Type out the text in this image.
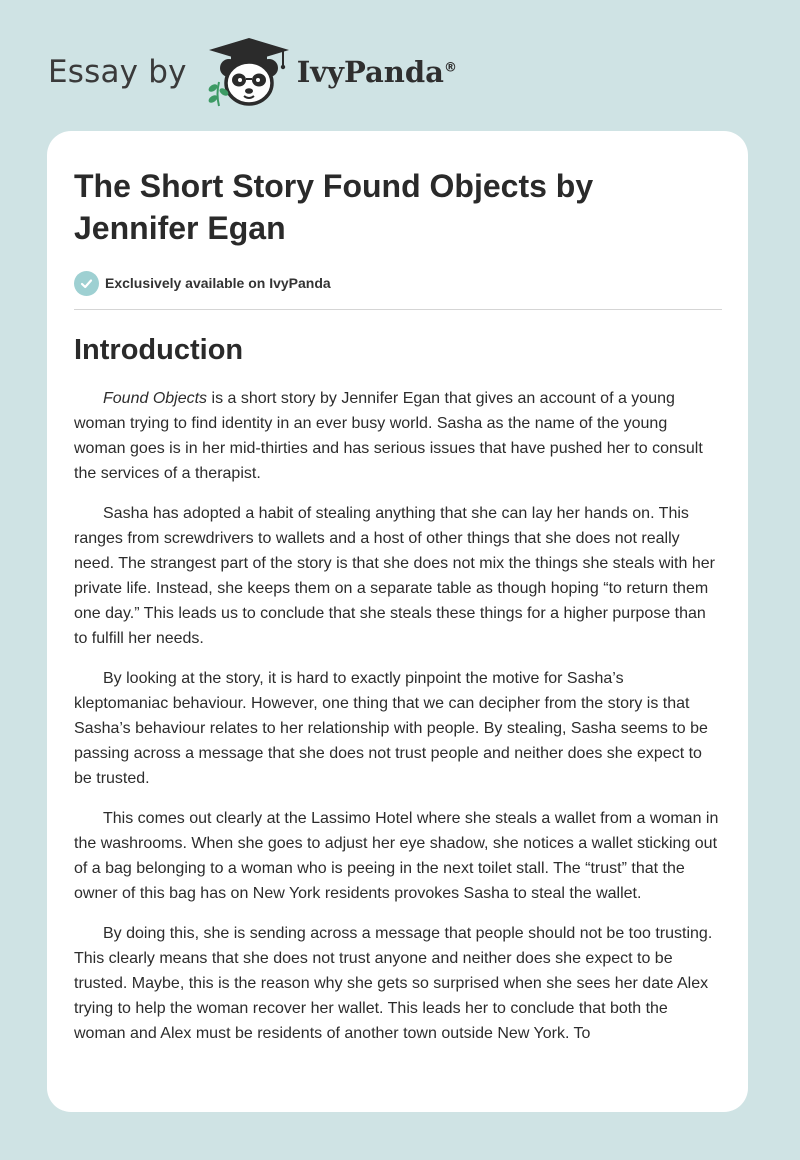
Essay by	IvyPanda®
The Short Story Found Objects by Jennifer Egan
Exclusively available on IvyPanda
Introduction

Found Objects is a short story by Jennifer Egan that gives an account of a young woman trying to find identity in an ever busy world. Sasha as the name of the young woman goes is in her mid-thirties and has serious issues that have pushed her to consult the services of a therapist.

Sasha has adopted a habit of stealing anything that she can lay her hands on. This ranges from screwdrivers to wallets and a host of other things that she does not really need. The strangest part of the story is that she does not mix the things she steals with her private life. Instead, she keeps them on a separate table as though hoping “to return them one day.” This leads us to conclude that she steals these things for a higher purpose than to fulfill her needs.

By looking at the story, it is hard to exactly pinpoint the motive for Sasha’s kleptomaniac behaviour. However, one thing that we can decipher from the story is that Sasha’s behaviour relates to her relationship with people. By stealing, Sasha seems to be passing across a message that she does not trust people and neither does she expect to be trusted.

This comes out clearly at the Lassimo Hotel where she steals a wallet from a woman in the washrooms. When she goes to adjust her eye shadow, she notices a wallet sticking out of a bag belonging to a woman who is peeing in the next toilet stall. The “trust” that the owner of this bag has on New York residents provokes Sasha to steal the wallet.

By doing this, she is sending across a message that people should not be too trusting. This clearly means that she does not trust anyone and neither does she expect to be trusted. Maybe, this is the reason why she gets so surprised when she sees her date Alex trying to help the woman recover her wallet. This leads her to conclude that both the woman and Alex must be residents of another town outside New York. To
